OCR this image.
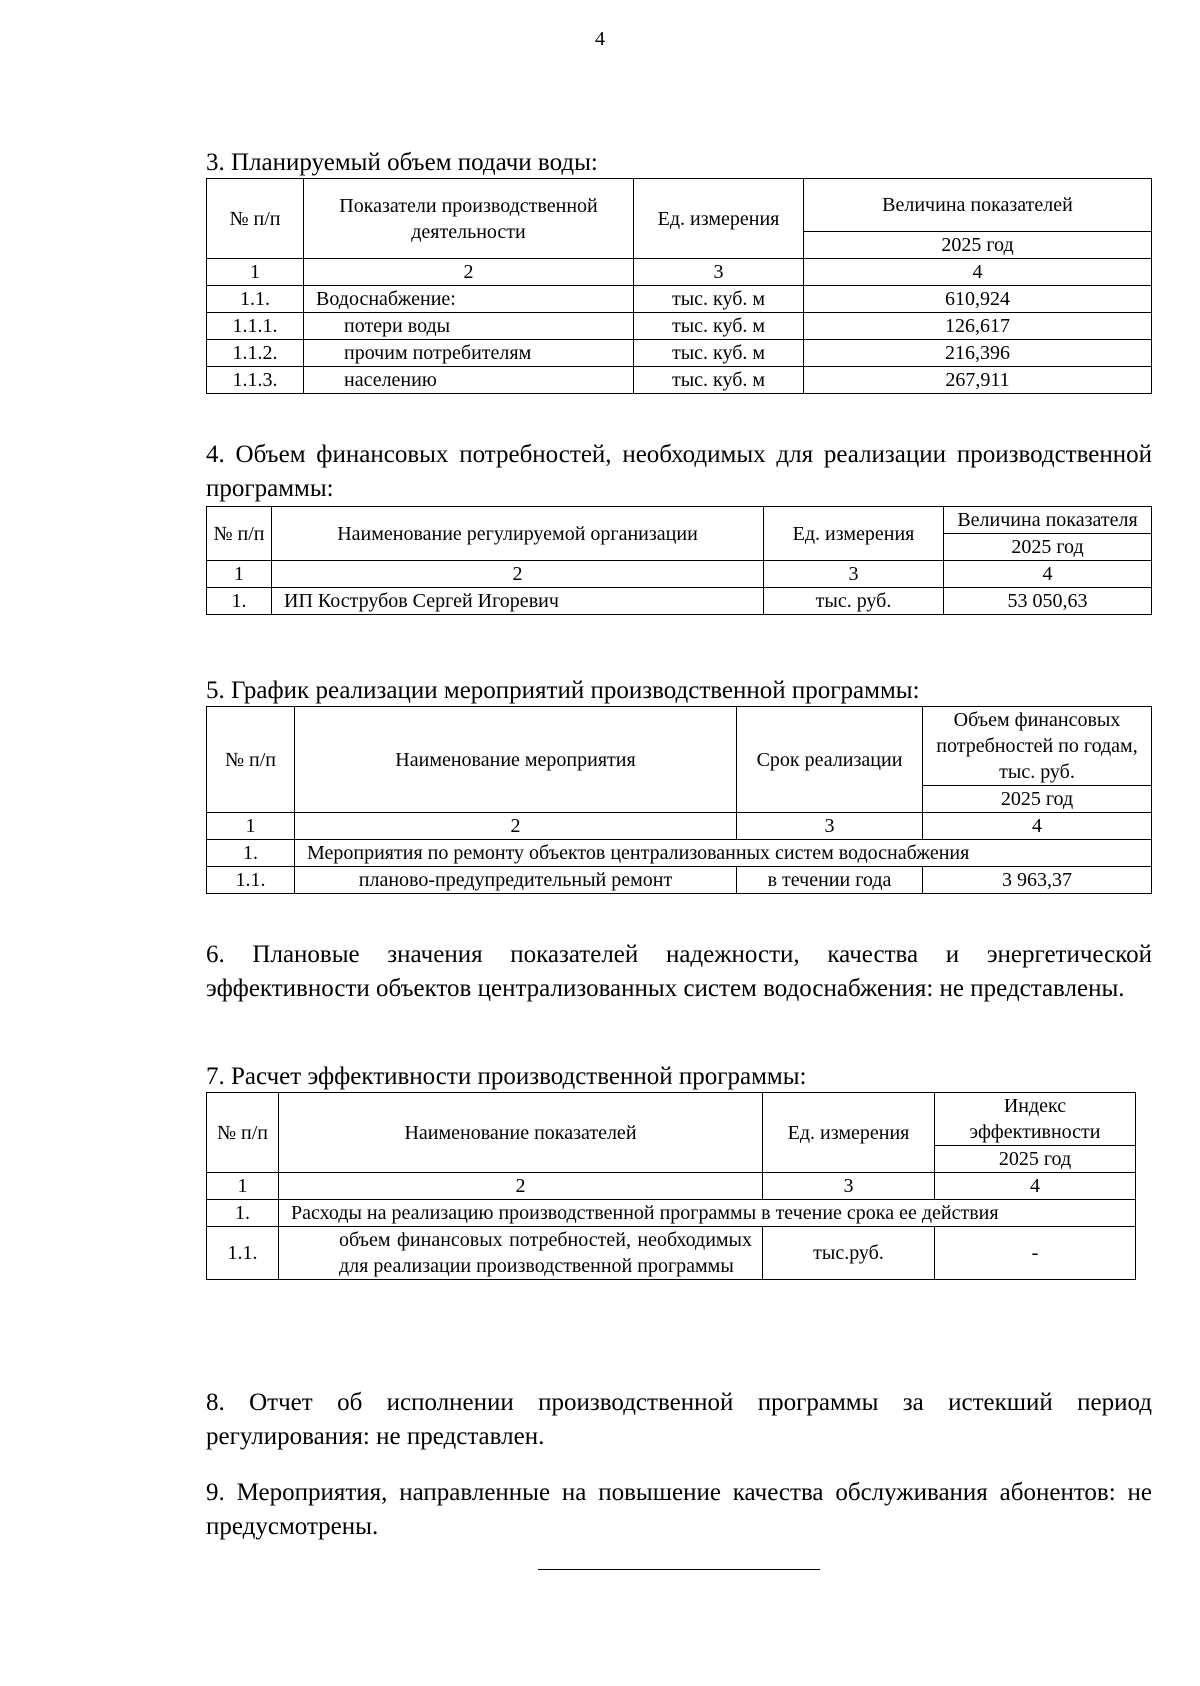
4

3. Планируемый объем подачи воды:

№ п/п	Показатели производственной деятельности	Ед. измерения	Величина показателей
			2025 год
1	2	3	4
1.1.	Водоснабжение:	тыс. куб. м	610,924
1.1.1.	потери воды	тыс. куб. м	126,617
1.1.2.	прочим потребителям	тыс. куб. м	216,396
1.1.3.	населению	тыс. куб. м	267,911

4. Объем финансовых потребностей, необходимых для реализации производственной программы:

№ п/п	Наименование регулируемой организации	Ед. измерения	Величина показателя
			2025 год
1	2	3	4
1.	ИП Кострубов Сергей Игоревич	тыс. руб.	53 050,63

5. График реализации мероприятий производственной программы:

№ п/п	Наименование мероприятия	Срок реализации	Объем финансовых потребностей по годам, тыс. руб.
			2025 год
1	2	3	4
1.	Мероприятия по ремонту объектов централизованных систем водоснабжения		
1.1.	планово-предупредительный ремонт	в течении года	3 963,37

6. Плановые значения показателей надежности, качества и энергетической эффективности объектов централизованных систем водоснабжения: не представлены.

7. Расчет эффективности производственной программы:

№ п/п	Наименование показателей	Ед. измерения	Индекс эффективности
			2025 год
1	2	3	4
1.	Расходы на реализацию производственной программы в течение срока ее действия		
1.1.	объем финансовых потребностей, необходимых для реализации производственной программы	тыс.руб.	-

8. Отчет об исполнении производственной программы за истекший период регулирования: не представлен.

9. Мероприятия, направленные на повышение качества обслуживания абонентов: не предусмотрены.
